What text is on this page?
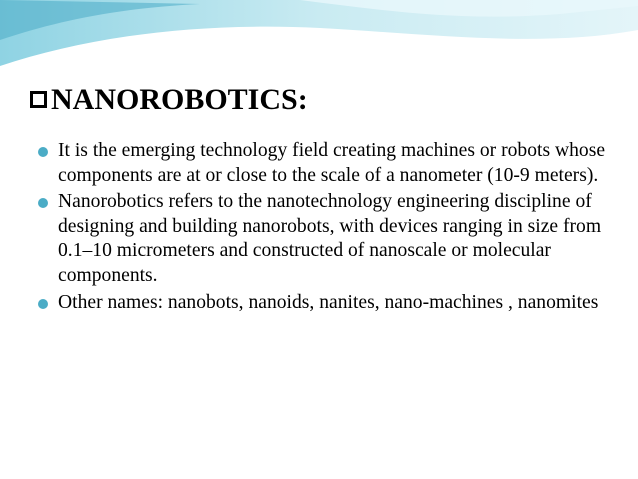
NANOROBOTICS:
It is the emerging technology field creating machines or robots whose components are at or close to the scale of a nanometer (10-9 meters).
Nanorobotics refers to the nanotechnology engineering discipline of designing and building nanorobots, with devices ranging in size from 0.1–10 micrometers and constructed of nanoscale or molecular components.
Other names: nanobots, nanoids, nanites, nano-machines , nanomites
